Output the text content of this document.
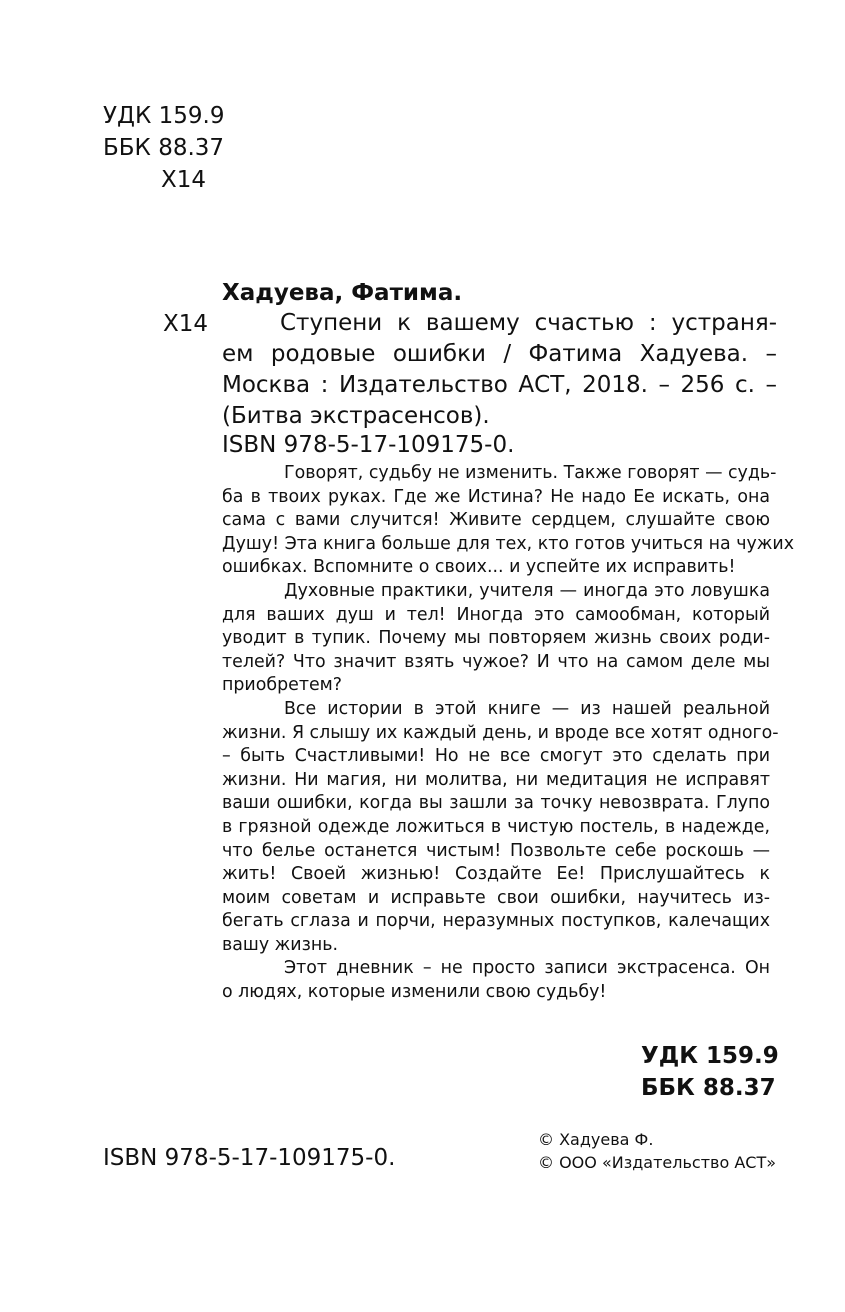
УДК 159.9
ББК 88.37
Х14
Хадуева, Фатима.
Х14	Ступени к вашему счастью : устраня-
ем родовые ошибки / Фатима Хадуева. –
Москва : Издательство АСТ, 2018. – 256 с. –
(Битва экстрасенсов).
ISBN 978-5-17-109175-0.
Говорят, судьбу не изменить. Также говорят — судь-
ба в твоих руках. Где же Истина? Не надо Ее искать, она
сама с вами случится! Живите сердцем, слушайте свою
Душу! Эта книга больше для тех, кто готов учиться на чужих
ошибках. Вспомните о своих... и успейте их исправить!
Духовные практики, учителя — иногда это ловушка
для ваших душ и тел! Иногда это самообман, который
уводит в тупик. Почему мы повторяем жизнь своих роди-
телей? Что значит взять чужое? И что на самом деле мы
приобретем?
Все истории в этой книге — из нашей реальной
жизни. Я слышу их каждый день, и вроде все хотят одного-
– быть Счастливыми! Но не все смогут это сделать при
жизни. Ни магия, ни молитва, ни медитация не исправят
ваши ошибки, когда вы зашли за точку невозврата. Глупо
в грязной одежде ложиться в чистую постель, в надежде,
что белье останется чистым! Позвольте себе роскошь —
жить! Своей жизнью! Создайте Ее! Прислушайтесь к
моим советам и исправьте свои ошибки, научитесь из-
бегать сглаза и порчи, неразумных поступков, калечащих
вашу жизнь.
Этот дневник – не просто записи экстрасенса. Он
о людях, которые изменили свою судьбу!
УДК 159.9
ББК 88.37
ISBN 978-5-17-109175-0.
© Хадуева Ф.
© ООО «Издательство АСТ»
